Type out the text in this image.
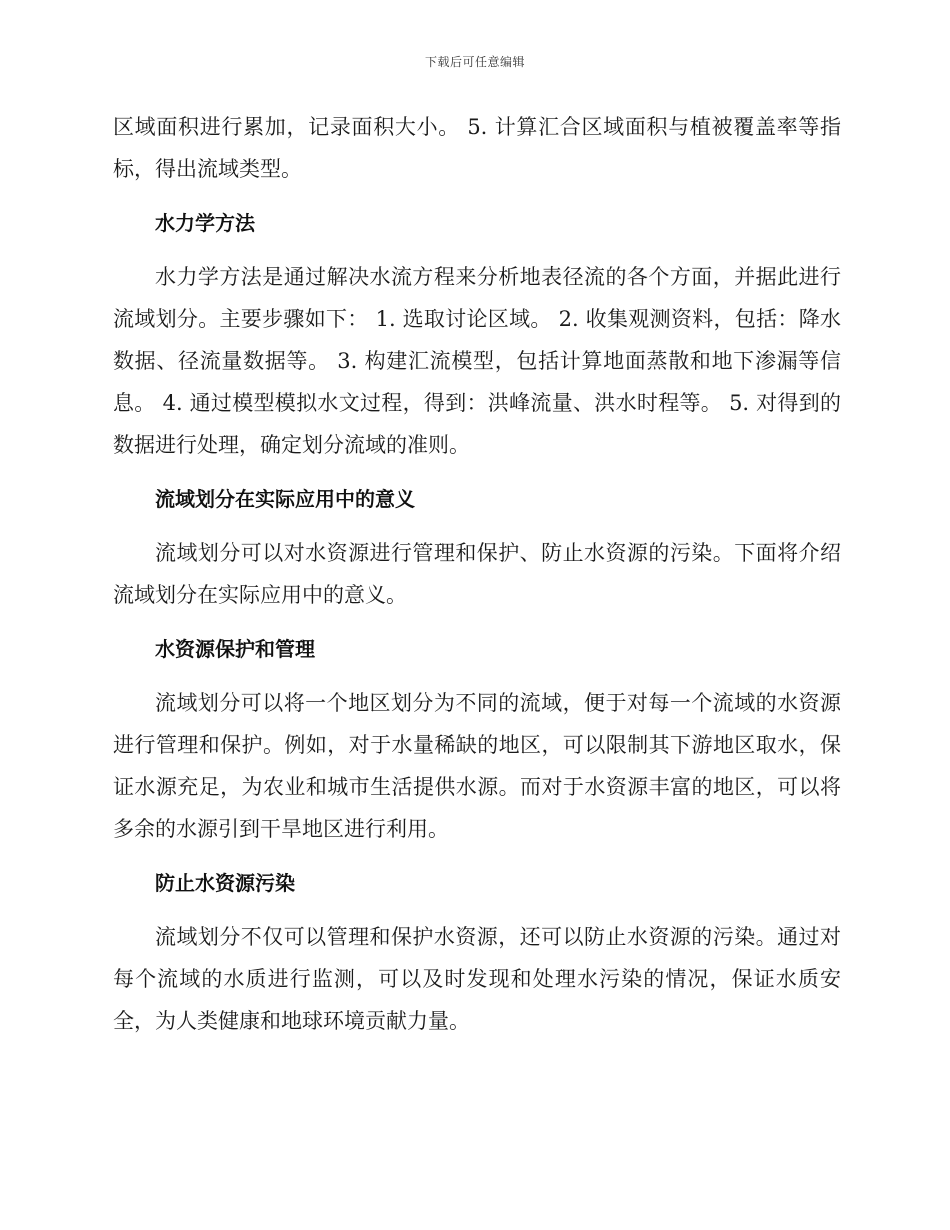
下载后可任意编辑

区域面积进行累加，记录面积大小。 5. 计算汇合区域面积与植被覆盖率等指标，得出流域类型。

水力学方法

水力学方法是通过解决水流方程来分析地表径流的各个方面，并据此进行流域划分。主要步骤如下： 1. 选取讨论区域。 2. 收集观测资料，包括：降水数据、径流量数据等。 3. 构建汇流模型，包括计算地面蒸散和地下渗漏等信息。 4. 通过模型模拟水文过程，得到：洪峰流量、洪水时程等。 5. 对得到的数据进行处理，确定划分流域的准则。

流域划分在实际应用中的意义

流域划分可以对水资源进行管理和保护、防止水资源的污染。下面将介绍流域划分在实际应用中的意义。

水资源保护和管理

流域划分可以将一个地区划分为不同的流域，便于对每一个流域的水资源进行管理和保护。例如，对于水量稀缺的地区，可以限制其下游地区取水，保证水源充足，为农业和城市生活提供水源。而对于水资源丰富的地区，可以将多余的水源引到干旱地区进行利用。

防止水资源污染

流域划分不仅可以管理和保护水资源，还可以防止水资源的污染。通过对每个流域的水质进行监测，可以及时发现和处理水污染的情况，保证水质安全，为人类健康和地球环境贡献力量。
